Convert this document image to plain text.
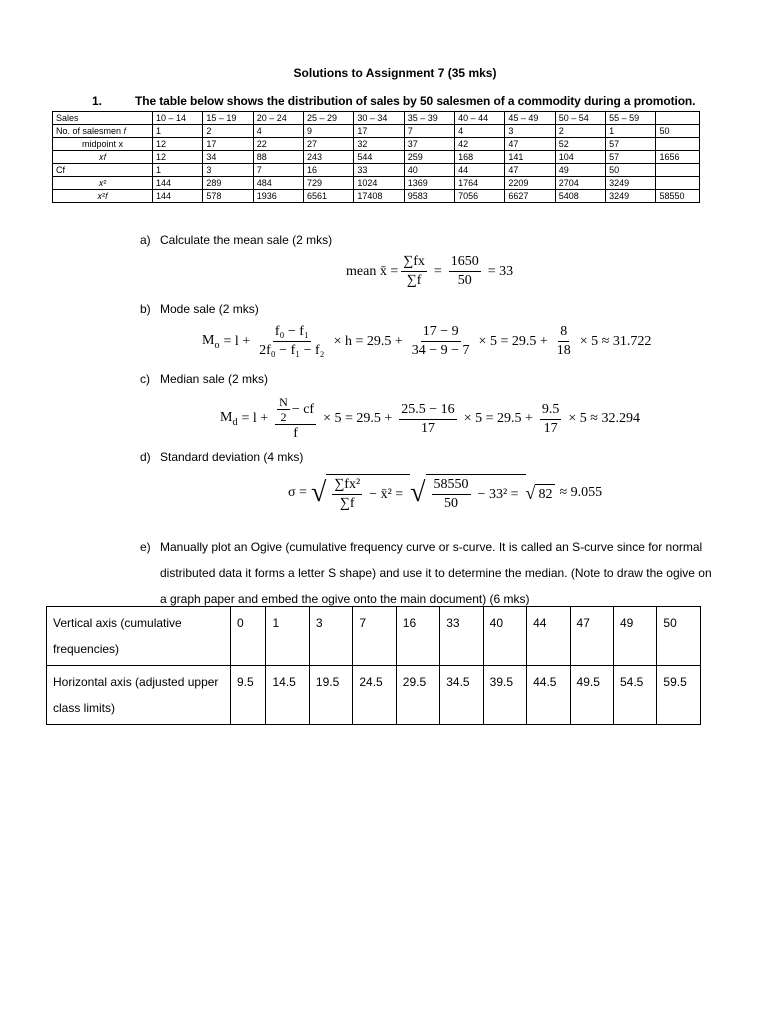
Solutions to Assignment 7 (35 mks)
1.	The table below shows the distribution of sales by 50 salesmen of a commodity during a promotion.
Sales	10 – 14	15 – 19	20 – 24	25 – 29	30 – 34	35 – 39	40 – 44	45 – 49	50 – 54	55 – 59	
No. of salesmen 𝑓	1	2	4	9	17	7	4	3	2	1	50
midpoint x	12	17	22	27	32	37	42	47	52	57	
𝑥𝑓	12	34	88	243	544	259	168	141	104	57	1656
Cf	1	3	7	16	33	40	44	47	49	50	
𝑥²	144	289	484	729	1024	1369	1764	2209	2704	3249	
𝑥²𝑓	144	578	1936	6561	17408	9583	7056	6627	5408	3249	58550
a) Calculate the mean sale (2 mks)
mean x̄ = $\frac{\sum fx}{\sum f} = \frac{1650}{50} = 33$
b) Mode sale (2 mks)
$M_o = l + \frac{\text{f₀ − f₁}}{\text{2f₀ − f₁ − f₂}} \times h = 29.5 + \frac{17 - 9}{34 - 9 - 7} \times 5 = 29.5 + \frac{8}{18} \times 5 \approx 31.722$
c) Median sale (2 mks)
$M_d = l + \frac{\frac{N}{2} - cf}{f} \times 5 = 29.5 + \frac{25.5 - 16}{17} \times 5 = 29.5 + \frac{9.5}{17} \times 5 \approx 32.294$
d) Standard deviation (4 mks)
σ = √ $\frac{\text{∑fx²}}{\sum f}$ − x̄² = √ $\frac{58550}{50} - 33^2$ = √ 82 ≈ 9.055
e) Manually plot an Ogive (cumulative frequency curve or s-curve. It is called an S-curve since for normal distributed data it forms a letter S shape) and use it to determine the median. (Note to draw the ogive on a graph paper and embed the ogive onto the main document) (6 mks)
Vertical axis (cumulative frequencies)	0	1	3	7	16	33	40	44	47	49	50
Horizontal axis (adjusted upper class limits)	9.5	14.5	19.5	24.5	29.5	34.5	39.5	44.5	49.5	54.5	59.5
